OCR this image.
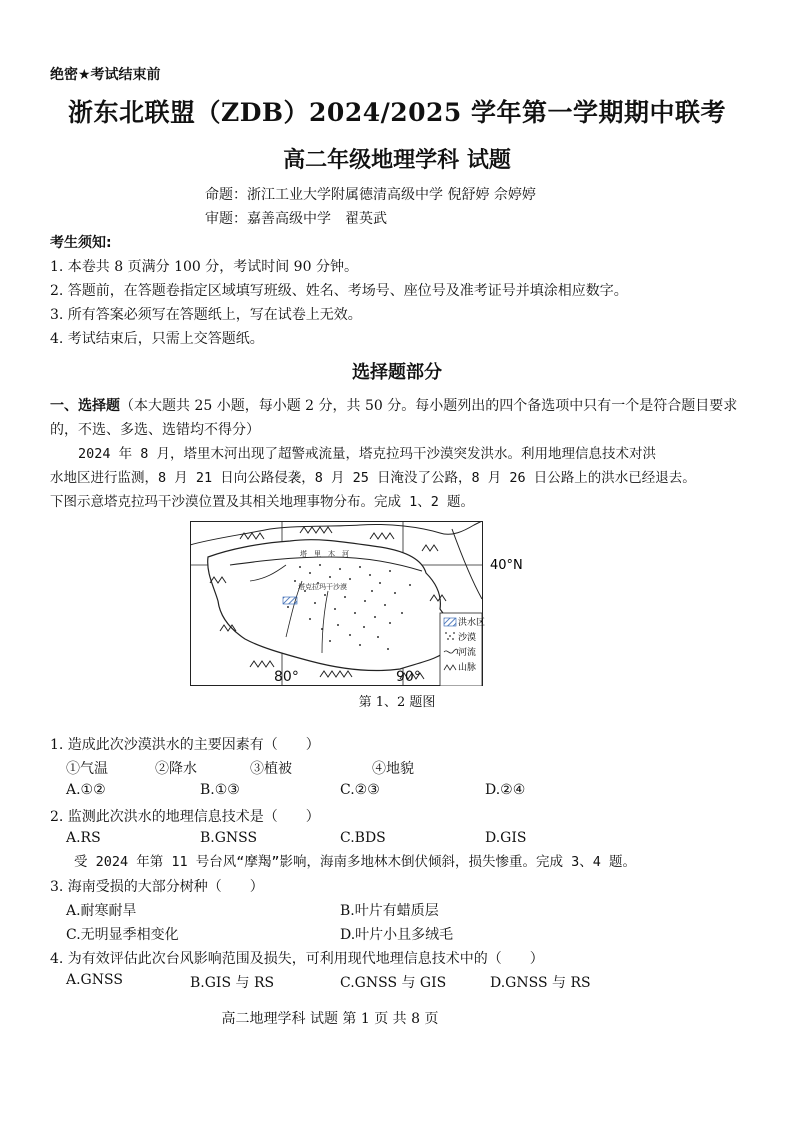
绝密★考试结束前
浙东北联盟（ZDB）2024/2025 学年第一学期期中联考
高二年级地理学科 试题
命题：浙江工业大学附属德清高级中学 倪舒婷 佘婷婷
审题：嘉善高级中学　翟英武
考生须知:
1. 本卷共 8 页满分 100 分，考试时间 90 分钟。
2. 答题前，在答题卷指定区域填写班级、姓名、考场号、座位号及准考证号并填涂相应数字。
3. 所有答案必须写在答题纸上，写在试卷上无效。
4. 考试结束后，只需上交答题纸。
选择题部分
一、选择题（本大题共 25 小题，每小题 2 分，共 50 分。每小题列出的四个备选项中只有一个是符合题目要求的，不选、多选、选错均不得分）
2024 年 8 月，塔里木河出现了超警戒流量，塔克拉玛干沙漠突发洪水。利用地理信息技术对洪
水地区进行监测，8 月 21 日向公路侵袭，8 月 25 日淹没了公路，8 月 26 日公路上的洪水已经退去。
下图示意塔克拉玛干沙漠位置及其相关地理事物分布。完成 1、2 题。
塔　里　木　河
塔克拉玛干沙漠
洪水区
沙漠
河流
山脉
40°N
80°	90°
第 1、2 题图
1. 造成此次沙漠洪水的主要因素有（　　）
①气温	②降水	③植被	④地貌
A.①②	B.①③	C.②③	D.②④
2. 监测此次洪水的地理信息技术是（　　）
A.RS	B.GNSS	C.BDS	D.GIS
受 2024 年第 11 号台风“摩羯”影响，海南多地林木倒伏倾斜，损失惨重。完成 3、4 题。
3. 海南受损的大部分树种（　　）
A.耐寒耐旱	B.叶片有蜡质层
C.无明显季相变化	D.叶片小且多绒毛
4. 为有效评估此次台风影响范围及损失，可利用现代地理信息技术中的（　　）
A.GNSS	B.GIS 与 RS	C.GNSS 与 GIS	D.GNSS 与 RS
高二地理学科 试题 第 1 页 共 8 页
